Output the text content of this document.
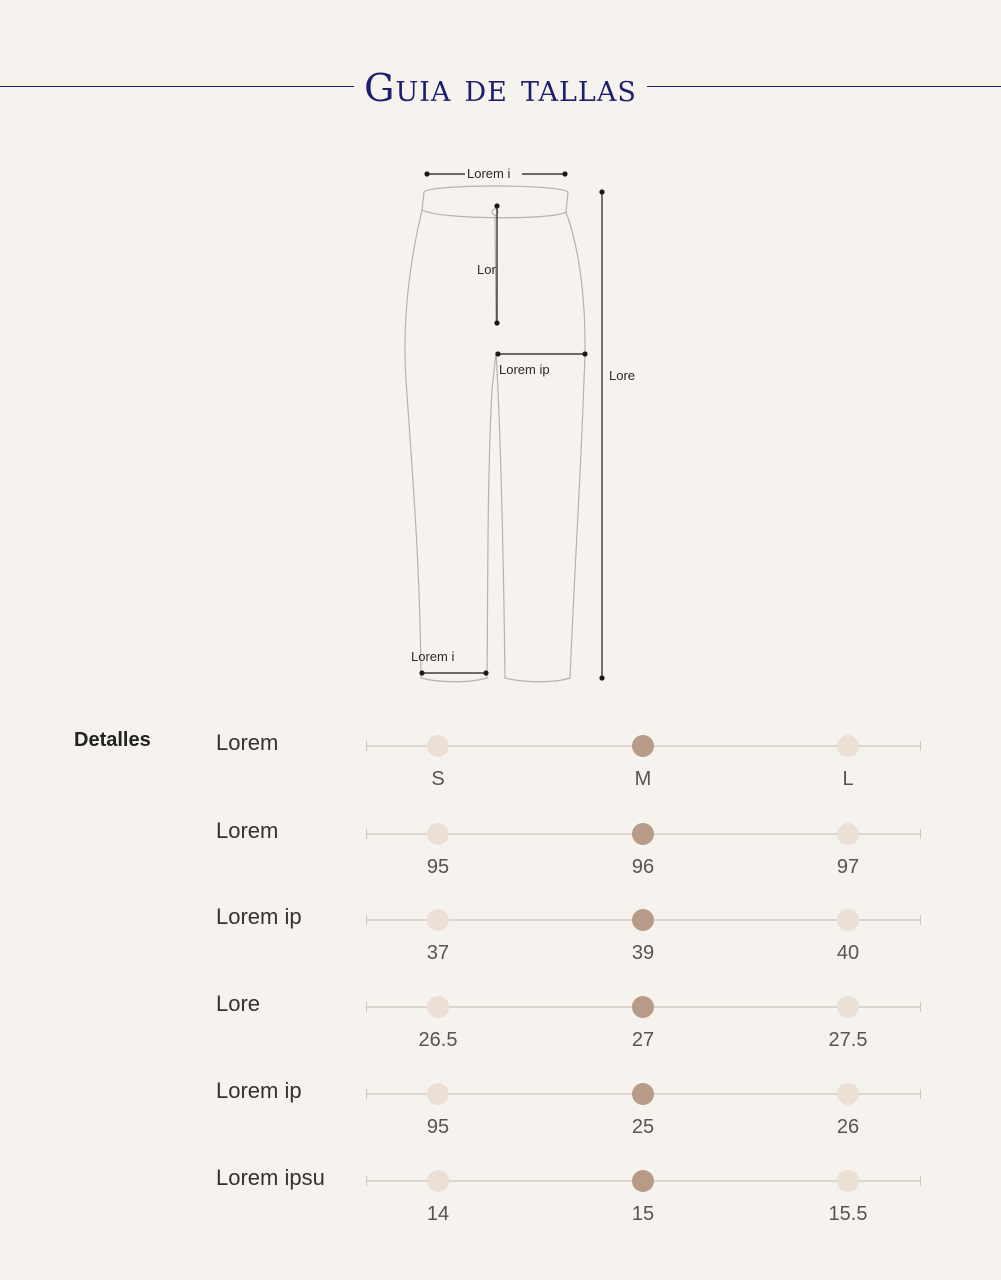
Guia de tallas
Lorem i
Lor
Lorem ip	Lore
Lorem i
Detalles	Lorem
S	M	L
Lorem
95	96	97
Lorem ip
37	39	40
Lore
26.5	27	27.5
Lorem ip
95	25	26
Lorem ipsu
14	15	15.5
